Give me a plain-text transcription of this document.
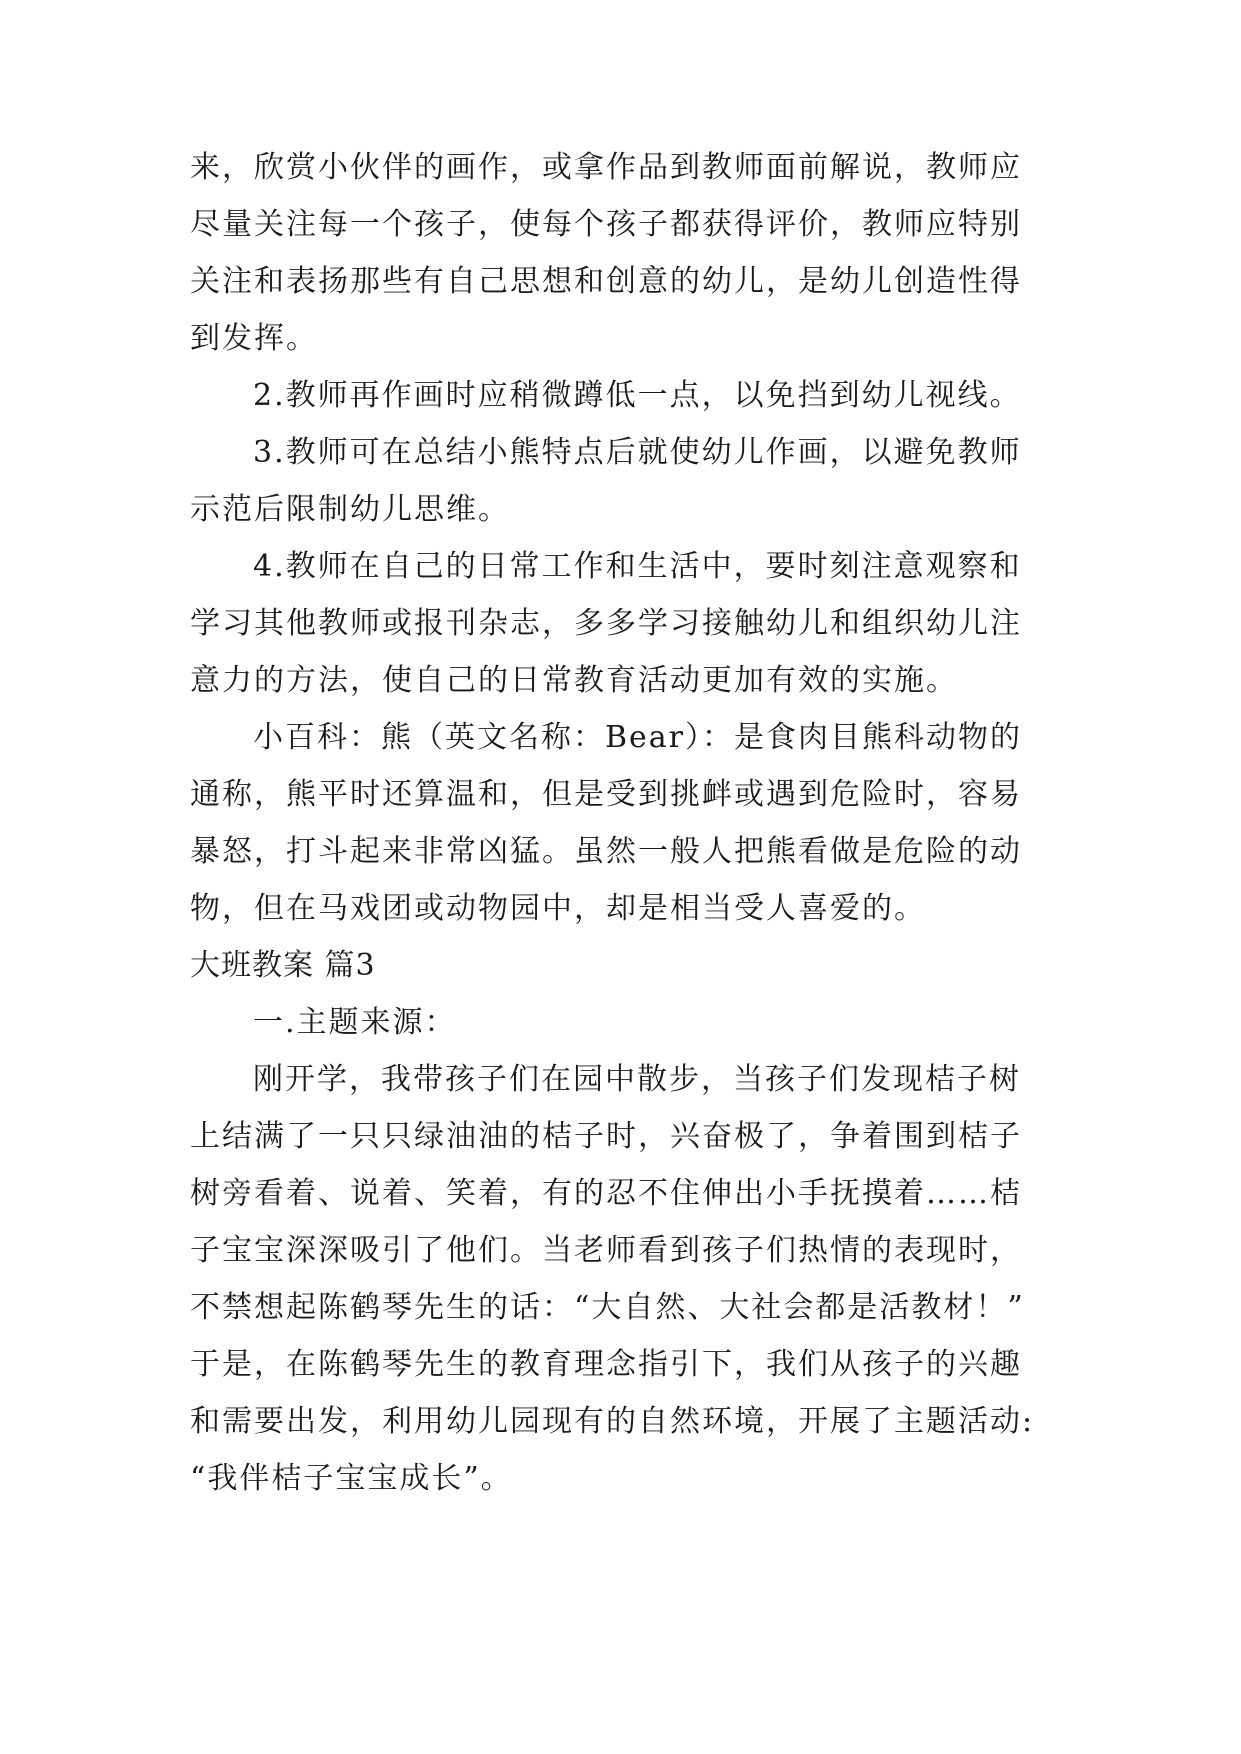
来，欣赏小伙伴的画作，或拿作品到教师面前解说，教师应
尽量关注每一个孩子，使每个孩子都获得评价，教师应特别
关注和表扬那些有自己思想和创意的幼儿，是幼儿创造性得
到发挥。
2.教师再作画时应稍微蹲低一点，以免挡到幼儿视线。
3.教师可在总结小熊特点后就使幼儿作画，以避免教师
示范后限制幼儿思维。
4.教师在自己的日常工作和生活中，要时刻注意观察和
学习其他教师或报刊杂志，多多学习接触幼儿和组织幼儿注
意力的方法，使自己的日常教育活动更加有效的实施。
小百科：熊（英文名称：Bear）：是食肉目熊科动物的
通称，熊平时还算温和，但是受到挑衅或遇到危险时，容易
暴怒，打斗起来非常凶猛。虽然一般人把熊看做是危险的动
物，但在马戏团或动物园中，却是相当受人喜爱的。
大班教案 篇3
一.主题来源：
刚开学，我带孩子们在园中散步，当孩子们发现桔子树
上结满了一只只绿油油的桔子时，兴奋极了，争着围到桔子
树旁看着、说着、笑着，有的忍不住伸出小手抚摸着……桔
子宝宝深深吸引了他们。当老师看到孩子们热情的表现时，
不禁想起陈鹤琴先生的话：“大自然、大社会都是活教材！”
于是，在陈鹤琴先生的教育理念指引下，我们从孩子的兴趣
和需要出发，利用幼儿园现有的自然环境，开展了主题活动:
“我伴桔子宝宝成长”。
